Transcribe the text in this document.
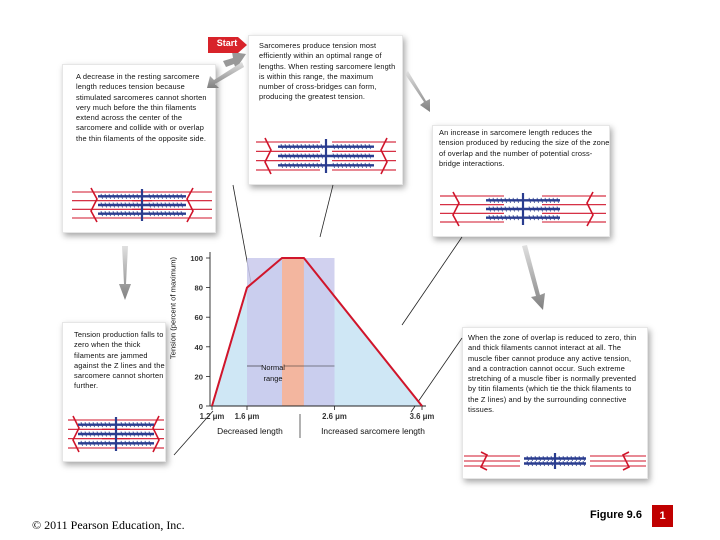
0
20
40
60
80
100
1.2 μm 1.6 μm	2.6 μm	3.6 μm
Normal
range
Decreased length	Increased sarcomere length
Start	Sarcomeres produce tension most efficiently within an optimal range of lengths. When resting sarcomere length is within this range, the maximum number of cross-bridges can form, producing the greatest tension.
A decrease in the resting sarcomere length reduces tension because stimulated sarcomeres cannot shorten very much before the thin filaments extend across the center of the sarcomere and collide with or overlap the thin filaments of the opposite side.
An increase in sarcomere length reduces the tension produced by reducing the size of the zone of overlap and the number of potential cross-bridge interactions.
Tension production falls to zero when the thick filaments are jammed against the Z lines and the sarcomere cannot shorten further.
When the zone of overlap is reduced to zero, thin and thick filaments cannot interact at all. The muscle fiber cannot produce any active tension, and a contraction cannot occur. Such extreme stretching of a muscle fiber is normally prevented by titin filaments (which tie the thick filaments to the Z lines) and by the surrounding connective tissues.
Tension (percent of maximum)
© 2011 Pearson Education, Inc.
Figure 9.6	1
